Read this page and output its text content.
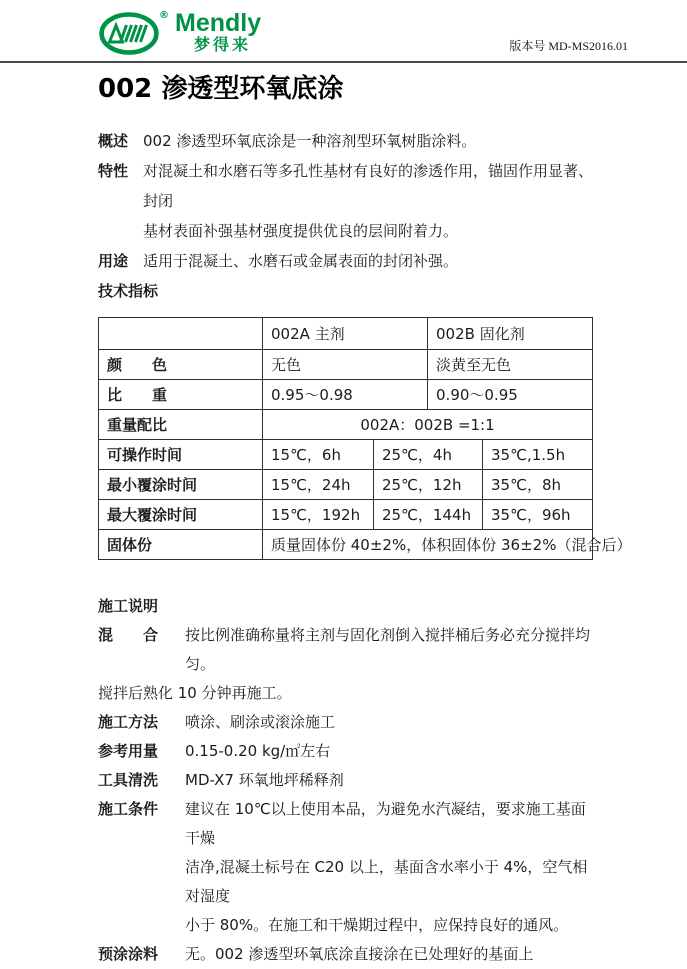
® Mendly
梦得来	版本号 MD-MS2016.01
002 渗透型环氧底涂
概述 002 渗透型环氧底涂是一种溶剂型环氧树脂涂料。
特性 对混凝土和水磨石等多孔性基材有良好的渗透作用，锚固作用显著、封闭
基材表面补强基材强度提供优良的层间附着力。
用途 适用于混凝土、水磨石或金属表面的封闭补强。
技术指标
	002A 主剂		002B 固化剂	
颜　　色	无色		淡黄至无色	
比　　重	0.95～0.98		0.90～0.95	
重量配比	002A：002B =1:1			
可操作时间	15℃，6h	25℃，4h		35℃,1.5h
最小覆涂时间	15℃，24h	25℃，12h		35℃，8h
最大覆涂时间	15℃，192h	25℃，144h		35℃，96h
固体份	质量固体份 40±2%，体积固体份 36±2%（混合后）			
施工说明
混　　合	按比例准确称量将主剂与固化剂倒入搅拌桶后务必充分搅拌均匀。
搅拌后熟化 10 分钟再施工。
施工方法	喷涂、刷涂或滚涂施工
参考用量	0.15-0.20 kg/㎡左右
工具清洗	MD-X7 环氧地坪稀释剂
施工条件	建议在 10℃以上使用本品，为避免水汽凝结，要求施工基面干燥
洁净,混凝土标号在 C20 以上，基面含水率小于 4%，空气相对湿度
小于 80%。在施工和干燥期过程中，应保持良好的通风。
预涂涂料	无。002 渗透型环氧底涂直接涂在已处理好的基面上
